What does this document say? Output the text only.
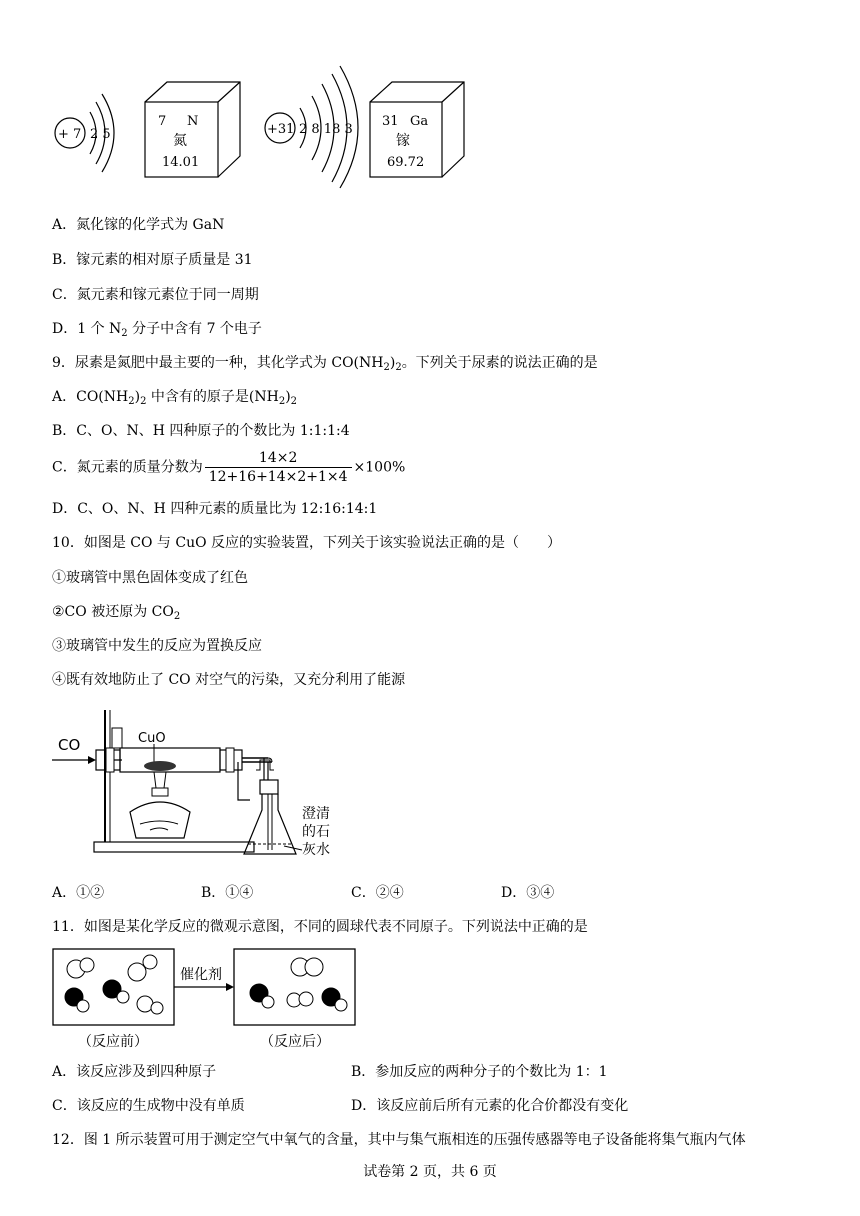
+ 7 2 5
7 N
氮
14.01
+31 2 8 18 3
31 Ga
镓
69.72
A．氮化镓的化学式为 GaN
B．镓元素的相对原子质量是 31
C．氮元素和镓元素位于同一周期
D．1 个 $N_2$ 分子中含有 7 个电子
9．尿素是氮肥中最主要的一种，其化学式为 $CO(NH_2)_2$。下列关于尿素的说法正确的是
A．$CO(NH_2)_2$ 中含有的原子是$(NH_2)_2$
B．C、O、N、H 四种原子的个数比为 1:1:1:4
C．氮元素的质量分数为 $\frac{14\times 2}{12+16+14\times 2+1\times 4} \times 100\%$
D．C、O、N、H 四种元素的质量比为 12:16:14:1
10．如图是 CO 与 CuO 反应的实验装置，下列关于该实验说法正确的是（　　）
①玻璃管中黑色固体变成了红色
②CO 被还原为 $CO_2$
③玻璃管中发生的反应为置换反应
④既有效地防止了 CO 对空气的污染，又充分利用了能源
CO	CuO
澄清
的石
灰水
A．①②	B．①④	C．②④	D．③④
11．如图是某化学反应的微观示意图，不同的圆球代表不同原子。下列说法中正确的是
催化剂
（反应前）	（反应后）
A．该反应涉及到四种原子	B．参加反应的两种分子的个数比为 1：1
C．该反应的生成物中没有单质	D．该反应前后所有元素的化合价都没有变化
12．图 1 所示装置可用于测定空气中氧气的含量，其中与集气瓶相连的压强传感器等电子设备能将集气瓶内气体
试卷第 2 页，共 6 页
